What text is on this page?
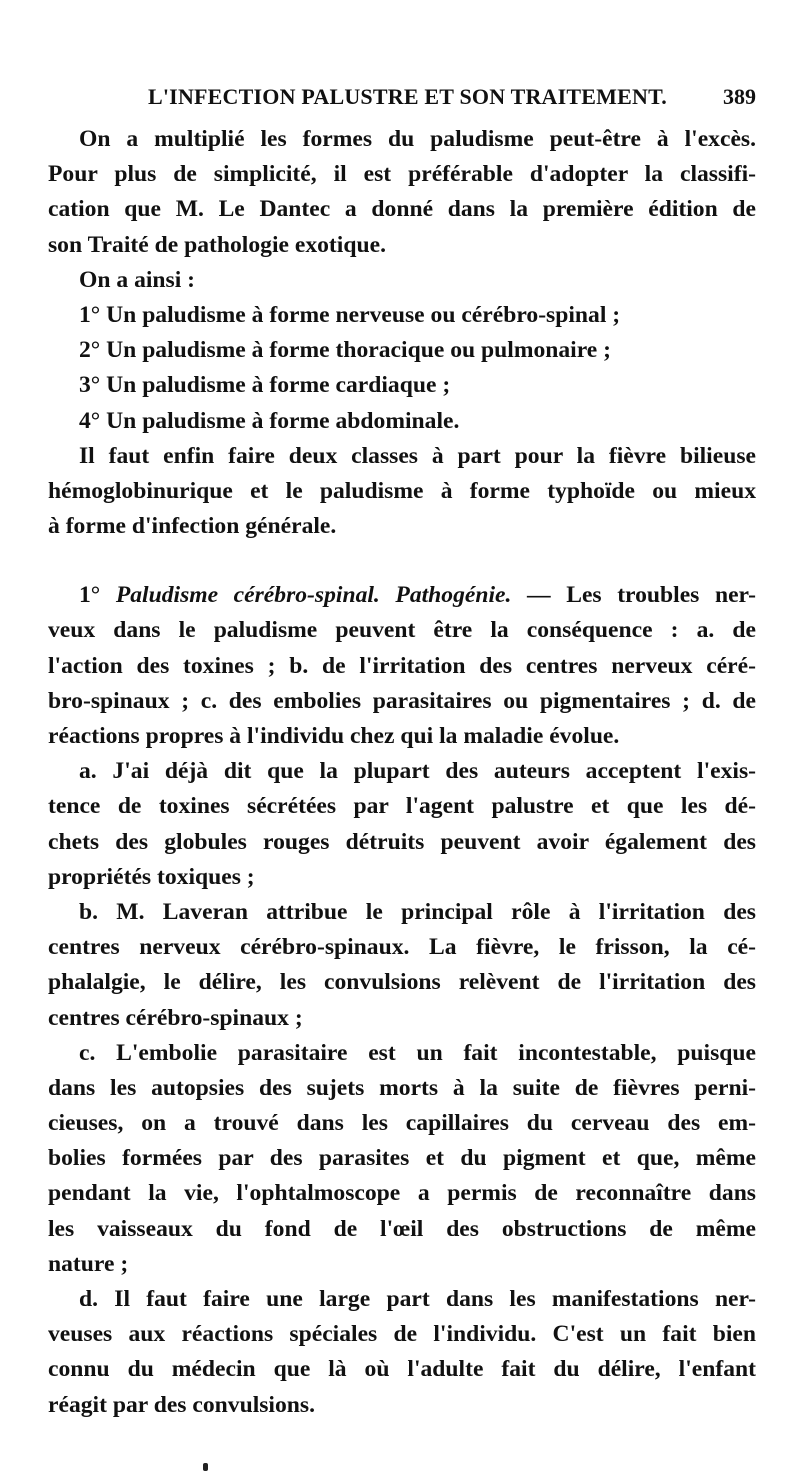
L'INFECTION PALUSTRE ET SON TRAITEMENT.	389
On a multiplié les formes du paludisme peut-être à l'excès.
Pour plus de simplicité, il est préférable d'adopter la classifi-
cation que M. Le Dantec a donné dans la première édition de
son Traité de pathologie exotique.
On a ainsi :
1° Un paludisme à forme nerveuse ou cérébro-spinal ;
2° Un paludisme à forme thoracique ou pulmonaire ;
3° Un paludisme à forme cardiaque ;
4° Un paludisme à forme abdominale.
Il faut enfin faire deux classes à part pour la fièvre bilieuse
hémoglobinurique et le paludisme à forme typhoïde ou mieux
à forme d'infection générale.
1° Paludisme cérébro-spinal. Pathogénie. — Les troubles ner-
veux dans le paludisme peuvent être la conséquence : a. de
l'action des toxines ; b. de l'irritation des centres nerveux céré-
bro-spinaux ; c. des embolies parasitaires ou pigmentaires ; d. de
réactions propres à l'individu chez qui la maladie évolue.
a. J'ai déjà dit que la plupart des auteurs acceptent l'exis-
tence de toxines sécrétées par l'agent palustre et que les dé-
chets des globules rouges détruits peuvent avoir également des
propriétés toxiques ;
b. M. Laveran attribue le principal rôle à l'irritation des
centres nerveux cérébro-spinaux. La fièvre, le frisson, la cé-
phalalgie, le délire, les convulsions relèvent de l'irritation des
centres cérébro-spinaux ;
c. L'embolie parasitaire est un fait incontestable, puisque
dans les autopsies des sujets morts à la suite de fièvres perni-
cieuses, on a trouvé dans les capillaires du cerveau des em-
bolies formées par des parasites et du pigment et que, même
pendant la vie, l'ophtalmoscope a permis de reconnaître dans
les vaisseaux du fond de l'œil des obstructions de même
nature ;
d. Il faut faire une large part dans les manifestations ner-
veuses aux réactions spéciales de l'individu. C'est un fait bien
connu du médecin que là où l'adulte fait du délire, l'enfant
réagit par des convulsions.
